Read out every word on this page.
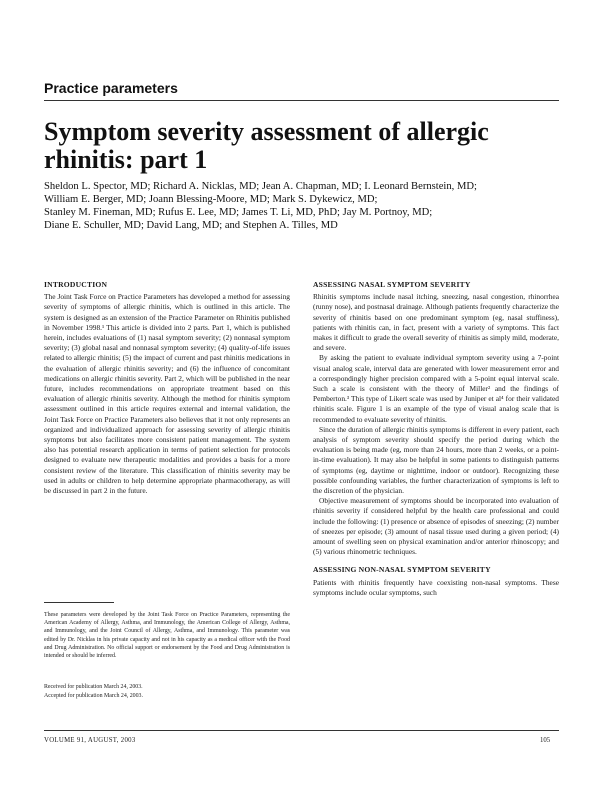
Practice parameters
Symptom severity assessment of allergic rhinitis: part 1
Sheldon L. Spector, MD; Richard A. Nicklas, MD; Jean A. Chapman, MD; I. Leonard Bernstein, MD;
William E. Berger, MD; Joann Blessing-Moore, MD; Mark S. Dykewicz, MD;
Stanley M. Fineman, MD; Rufus E. Lee, MD; James T. Li, MD, PhD; Jay M. Portnoy, MD;
Diane E. Schuller, MD; David Lang, MD; and Stephen A. Tilles, MD
INTRODUCTION

The Joint Task Force on Practice Parameters has developed a method for assessing severity of symptoms of allergic rhinitis, which is outlined in this article. The system is designed as an extension of the Practice Parameter on Rhinitis published in November 1998.¹ This article is divided into 2 parts. Part 1, which is published herein, includes evaluations of (1) nasal symptom severity; (2) nonnasal symptom severity; (3) global nasal and nonnasal symptom severity; (4) quality-of-life issues related to allergic rhinitis; (5) the impact of current and past rhinitis medications in the evaluation of allergic rhinitis severity; and (6) the influence of concomitant medications on allergic rhinitis severity. Part 2, which will be published in the near future, includes recommendations on appropriate treatment based on this evaluation of allergic rhinitis severity. Although the method for rhinitis symptom assessment outlined in this article requires external and internal validation, the Joint Task Force on Practice Parameters also believes that it not only represents an organized and individualized approach for assessing severity of allergic rhinitis symptoms but also facilitates more consistent patient management. The system also has potential research application in terms of patient selection for protocols designed to evaluate new therapeutic modalities and provides a basis for a more consistent review of the literature. This classification of rhinitis severity may be used in adults or children to help determine appropriate pharmacotherapy, as will be discussed in part 2 in the future.

These parameters were developed by the Joint Task Force on Practice Parameters, representing the American Academy of Allergy, Asthma, and Immunology, the American College of Allergy, Asthma, and Immunology, and the Joint Council of Allergy, Asthma, and Immunology. This parameter was edited by Dr. Nicklas in his private capacity and not in his capacity as a medical officer with the Food and Drug Administration. No official support or endorsement by the Food and Drug Administration is intended or should be inferred.

Received for publication March 24, 2003.

Accepted for publication March 24, 2003.

ASSESSING NASAL SYMPTOM SEVERITY

Rhinitis symptoms include nasal itching, sneezing, nasal congestion, rhinorrhea (runny nose), and postnasal drainage. Although patients frequently characterize the severity of rhinitis based on one predominant symptom (eg, nasal stuffiness), patients with rhinitis can, in fact, present with a variety of symptoms. This fact makes it difficult to grade the overall severity of rhinitis as simply mild, moderate, and severe.

By asking the patient to evaluate individual symptom severity using a 7-point visual analog scale, interval data are generated with lower measurement error and a correspondingly higher precision compared with a 5-point equal interval scale. Such a scale is consistent with the theory of Miller² and the findings of Pemberton.³ This type of Likert scale was used by Juniper et al⁴ for their validated rhinitis scale. Figure 1 is an example of the type of visual analog scale that is recommended to evaluate severity of rhinitis.

Since the duration of allergic rhinitis symptoms is different in every patient, each analysis of symptom severity should specify the period during which the evaluation is being made (eg, more than 24 hours, more than 2 weeks, or a point-in-time evaluation). It may also be helpful in some patients to distinguish patterns of symptoms (eg, daytime or nighttime, indoor or outdoor). Recognizing these possible confounding variables, the further characterization of symptoms is left to the discretion of the physician.

Objective measurement of symptoms should be incorporated into evaluation of rhinitis severity if considered helpful by the health care professional and could include the following: (1) presence or absence of episodes of sneezing; (2) number of sneezes per episode; (3) amount of nasal tissue used during a given period; (4) amount of swelling seen on physical examination and/or anterior rhinoscopy; and (5) various rhinometric techniques.

ASSESSING NON-NASAL SYMPTOM SEVERITY

Patients with rhinitis frequently have coexisting non-nasal symptoms. These symptoms include ocular symptoms, such

VOLUME 91, AUGUST, 2003	105
